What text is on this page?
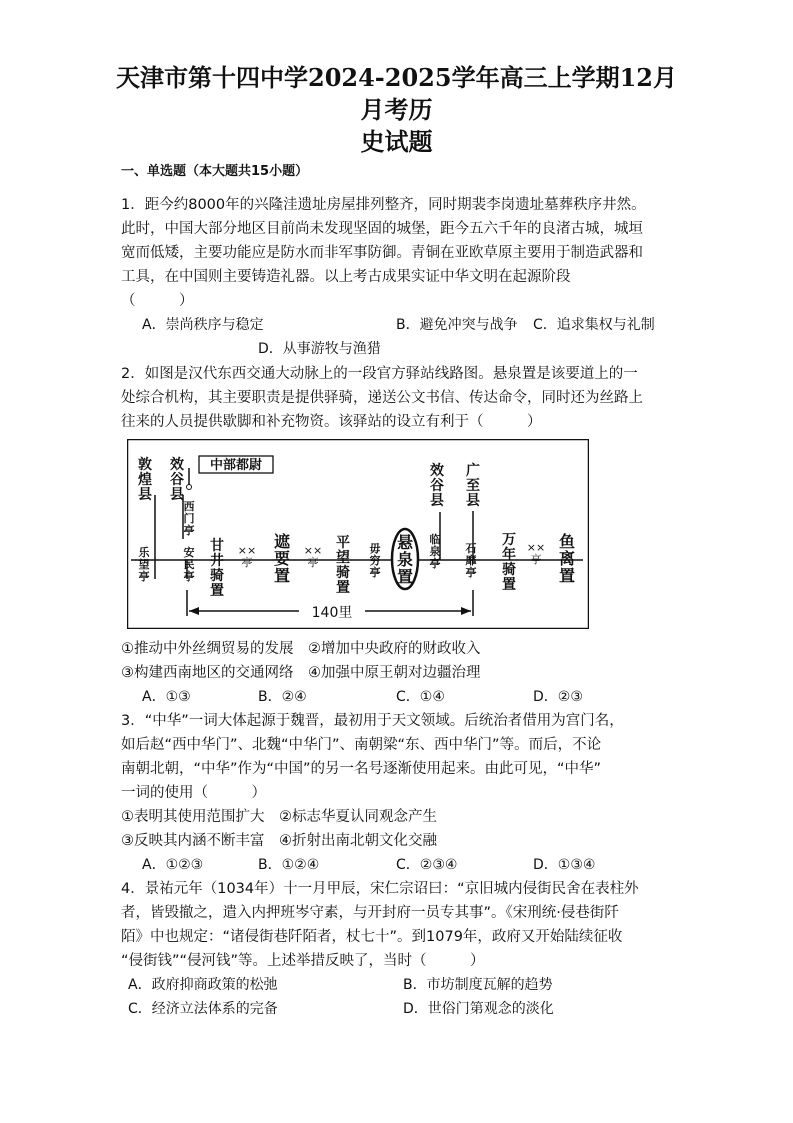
天津市第十四中学2024-2025学年高三上学期12月月考历
史试题
一、单选题（本大题共15小题）
1．距今约8000年的兴隆洼遗址房屋排列整齐，同时期裴李岗遗址墓葬秩序井然。
此时，中国大部分地区目前尚未发现坚固的城堡，距今五六千年的良渚古城，城垣
宽而低矮，主要功能应是防水而非军事防御。青铜在亚欧草原主要用于制造武器和
工具，在中国则主要铸造礼器。以上考古成果实证中华文明在起源阶段
（　　　）
A．崇尚秩序与稳定	B．避免冲突与战争 C．追求集权与礼制
D．从事游牧与渔猎
2．如图是汉代东西交通大动脉上的一段官方驿站线路图。悬泉置是该要道上的一
处综合机构，其主要职责是提供驿骑，递送公文书信、传达命令，同时还为丝路上
往来的人员提供歇脚和补充物资。该驿站的设立有利于（　　　）
140里
中部都尉
敦煌县
效谷县
西门亭
乐望亭
安民亭
甘井骑置
××亭
遮要置
××亭
平望骑置
毋穷亭
悬泉置
效谷县
临泉亭
广至县
石靡亭
万年骑置
××亭
鱼离置
①推动中外丝绸贸易的发展　②增加中央政府的财政收入
③构建西南地区的交通网络　④加强中原王朝对边疆治理
A．①③	B．②④	C．①④	D．②③
3．“中华”一词大体起源于魏晋，最初用于天文领域。后统治者借用为宫门名，
如后赵“西中华门”、北魏“中华门”、南朝梁“东、西中华门”等。而后，不论
南朝北朝，“中华”作为“中国”的另一名号逐渐使用起来。由此可见，“中华”
一词的使用（　　　）
①表明其使用范围扩大　②标志华夏认同观念产生
③反映其内涵不断丰富　④折射出南北朝文化交融
A．①②③	B．①②④	C．②③④	D．①③④
4．景祐元年（1034年）十一月甲辰，宋仁宗诏曰：“京旧城内侵街民舍在表柱外
者，皆毁撤之，遣入内押班岑守素，与开封府一员专其事”。《宋刑统·侵巷街阡
陌》中也规定：“诸侵街巷阡陌者，杖七十”。到1079年，政府又开始陆续征收
“侵街钱”“侵河钱”等。上述举措反映了，当时（　　　）
A．政府抑商政策的松弛	B．市坊制度瓦解的趋势
C．经济立法体系的完备	D．世俗门第观念的淡化
